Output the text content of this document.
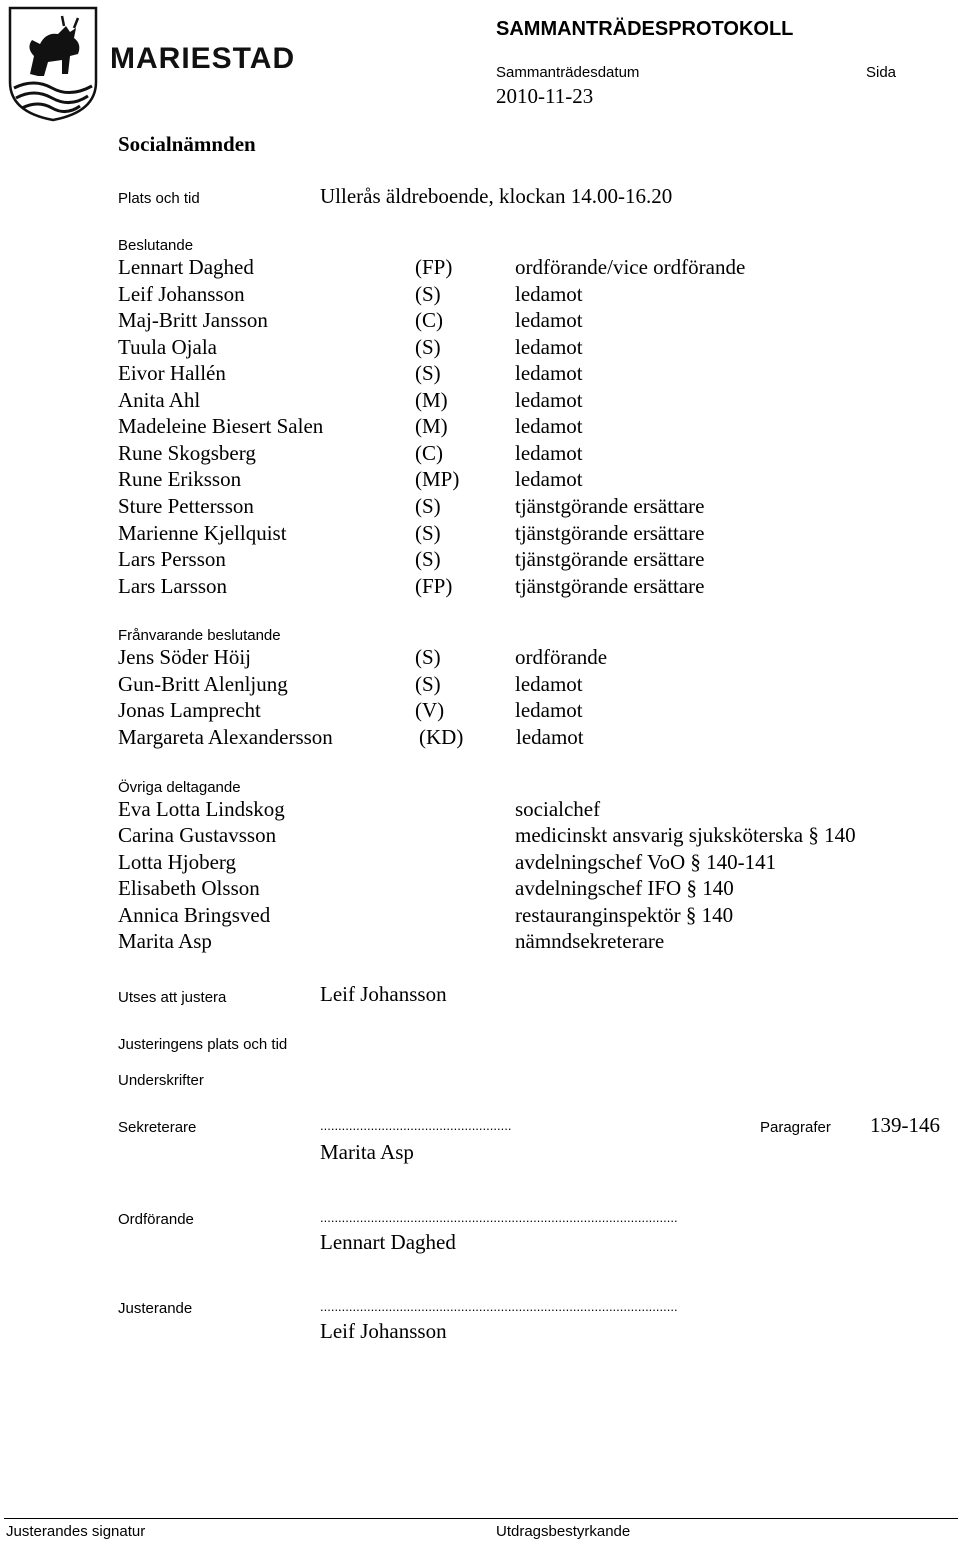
MARIESTAD
SAMMANTRÄDESPROTOKOLL
Sammanträdesdatum	Sida
2010-11-23
Socialnämnden
Plats och tid	Ullerås äldreboende, klockan 14.00-16.20
Beslutande
Lennart Daghed	(FP)	ordförande/vice ordförande
Leif Johansson	(S)	ledamot
Maj-Britt Jansson	(C)	ledamot
Tuula Ojala	(S)	ledamot
Eivor Hallén	(S)	ledamot
Anita Ahl	(M)	ledamot
Madeleine Biesert Salen	(M)	ledamot
Rune Skogsberg	(C)	ledamot
Rune Eriksson	(MP)	ledamot
Sture Pettersson	(S)	tjänstgörande ersättare
Marienne Kjellquist	(S)	tjänstgörande ersättare
Lars Persson	(S)	tjänstgörande ersättare
Lars Larsson	(FP)	tjänstgörande ersättare
Frånvarande beslutande
Jens Söder Höij	(S)	ordförande
Gun-Britt Alenljung	(S)	ledamot
Jonas Lamprecht	(V)	ledamot
Margareta Alexandersson	(KD)	ledamot
Övriga deltagande
Eva Lotta Lindskog	socialchef
Carina Gustavsson	medicinskt ansvarig sjuksköterska § 140
Lotta Hjoberg	avdelningschef VoO § 140-141
Elisabeth Olsson	avdelningschef IFO § 140
Annica Bringsved	restauranginspektör § 140
Marita Asp	nämndsekreterare
Utses att justera	Leif Johansson
Justeringens plats och tid
Underskrifter
Sekreterare	.....................................................	Paragrafer 139-146
Marita Asp
Ordförande	...................................................................................................
Lennart Daghed
Justerande	...................................................................................................
Leif Johansson
Justerandes signatur	Utdragsbestyrkande
